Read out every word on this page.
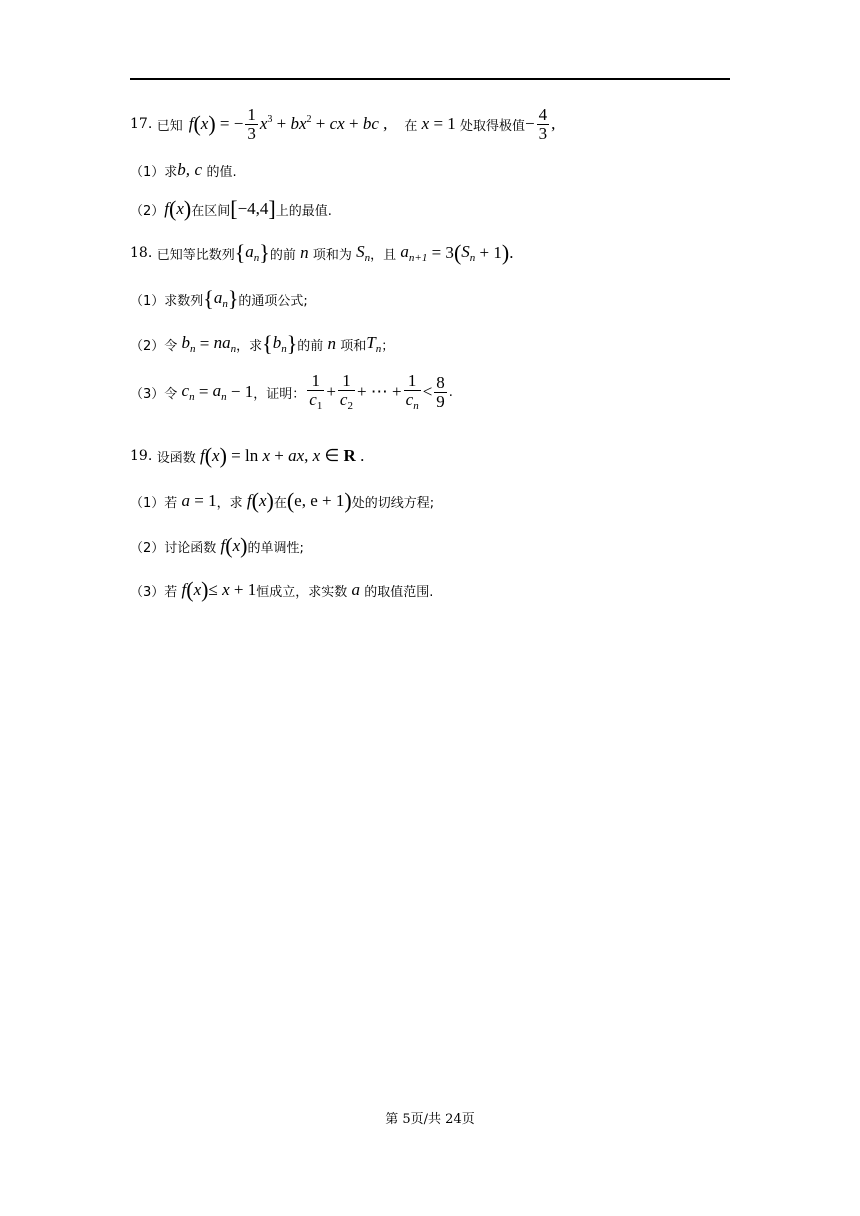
17.
已知 f ( x ) = − $\frac{1}{3} x^3 + bx^2$ + cx + bc , 在 x = 1 处取得极值 − $\frac{4}{3}$ ,
（1）求 b,
c
的值.
（2） f ( x ) 在区间 [ −4,4 ] 上的最值.
18.
已知等比数列 { $a_n$ } 的前 n 项和为 $S_n$ ，且 $a_{n+1} = 3$ ( $S_n + 1$ ) .
（1）求数列 { $a_n$ } 的通项公式;
（2）令 $b_n = na_n$ ，求 { $b_n$ } 的前 n 项和 $T_n$ ；
（3）令 $c_n = a_n - 1$ ，证明： $\frac{1}{c_1} + \frac{1}{c_2}$ + ⋯ + $\frac{1}{c_n} < \frac{8}{9}$ .
19.
设函数 f ( x ) = ln x + ax , x ∈ R .
（1）若 a = 1 ，求 f ( x ) 在 ( e, e + 1 ) 处的切线方程;
（2）讨论函数 f ( x ) 的单调性;
（3）若 f ( x ) ≤ x + 1 恒成立，求实数 a 的取值范围.
第 5页/共 24页
